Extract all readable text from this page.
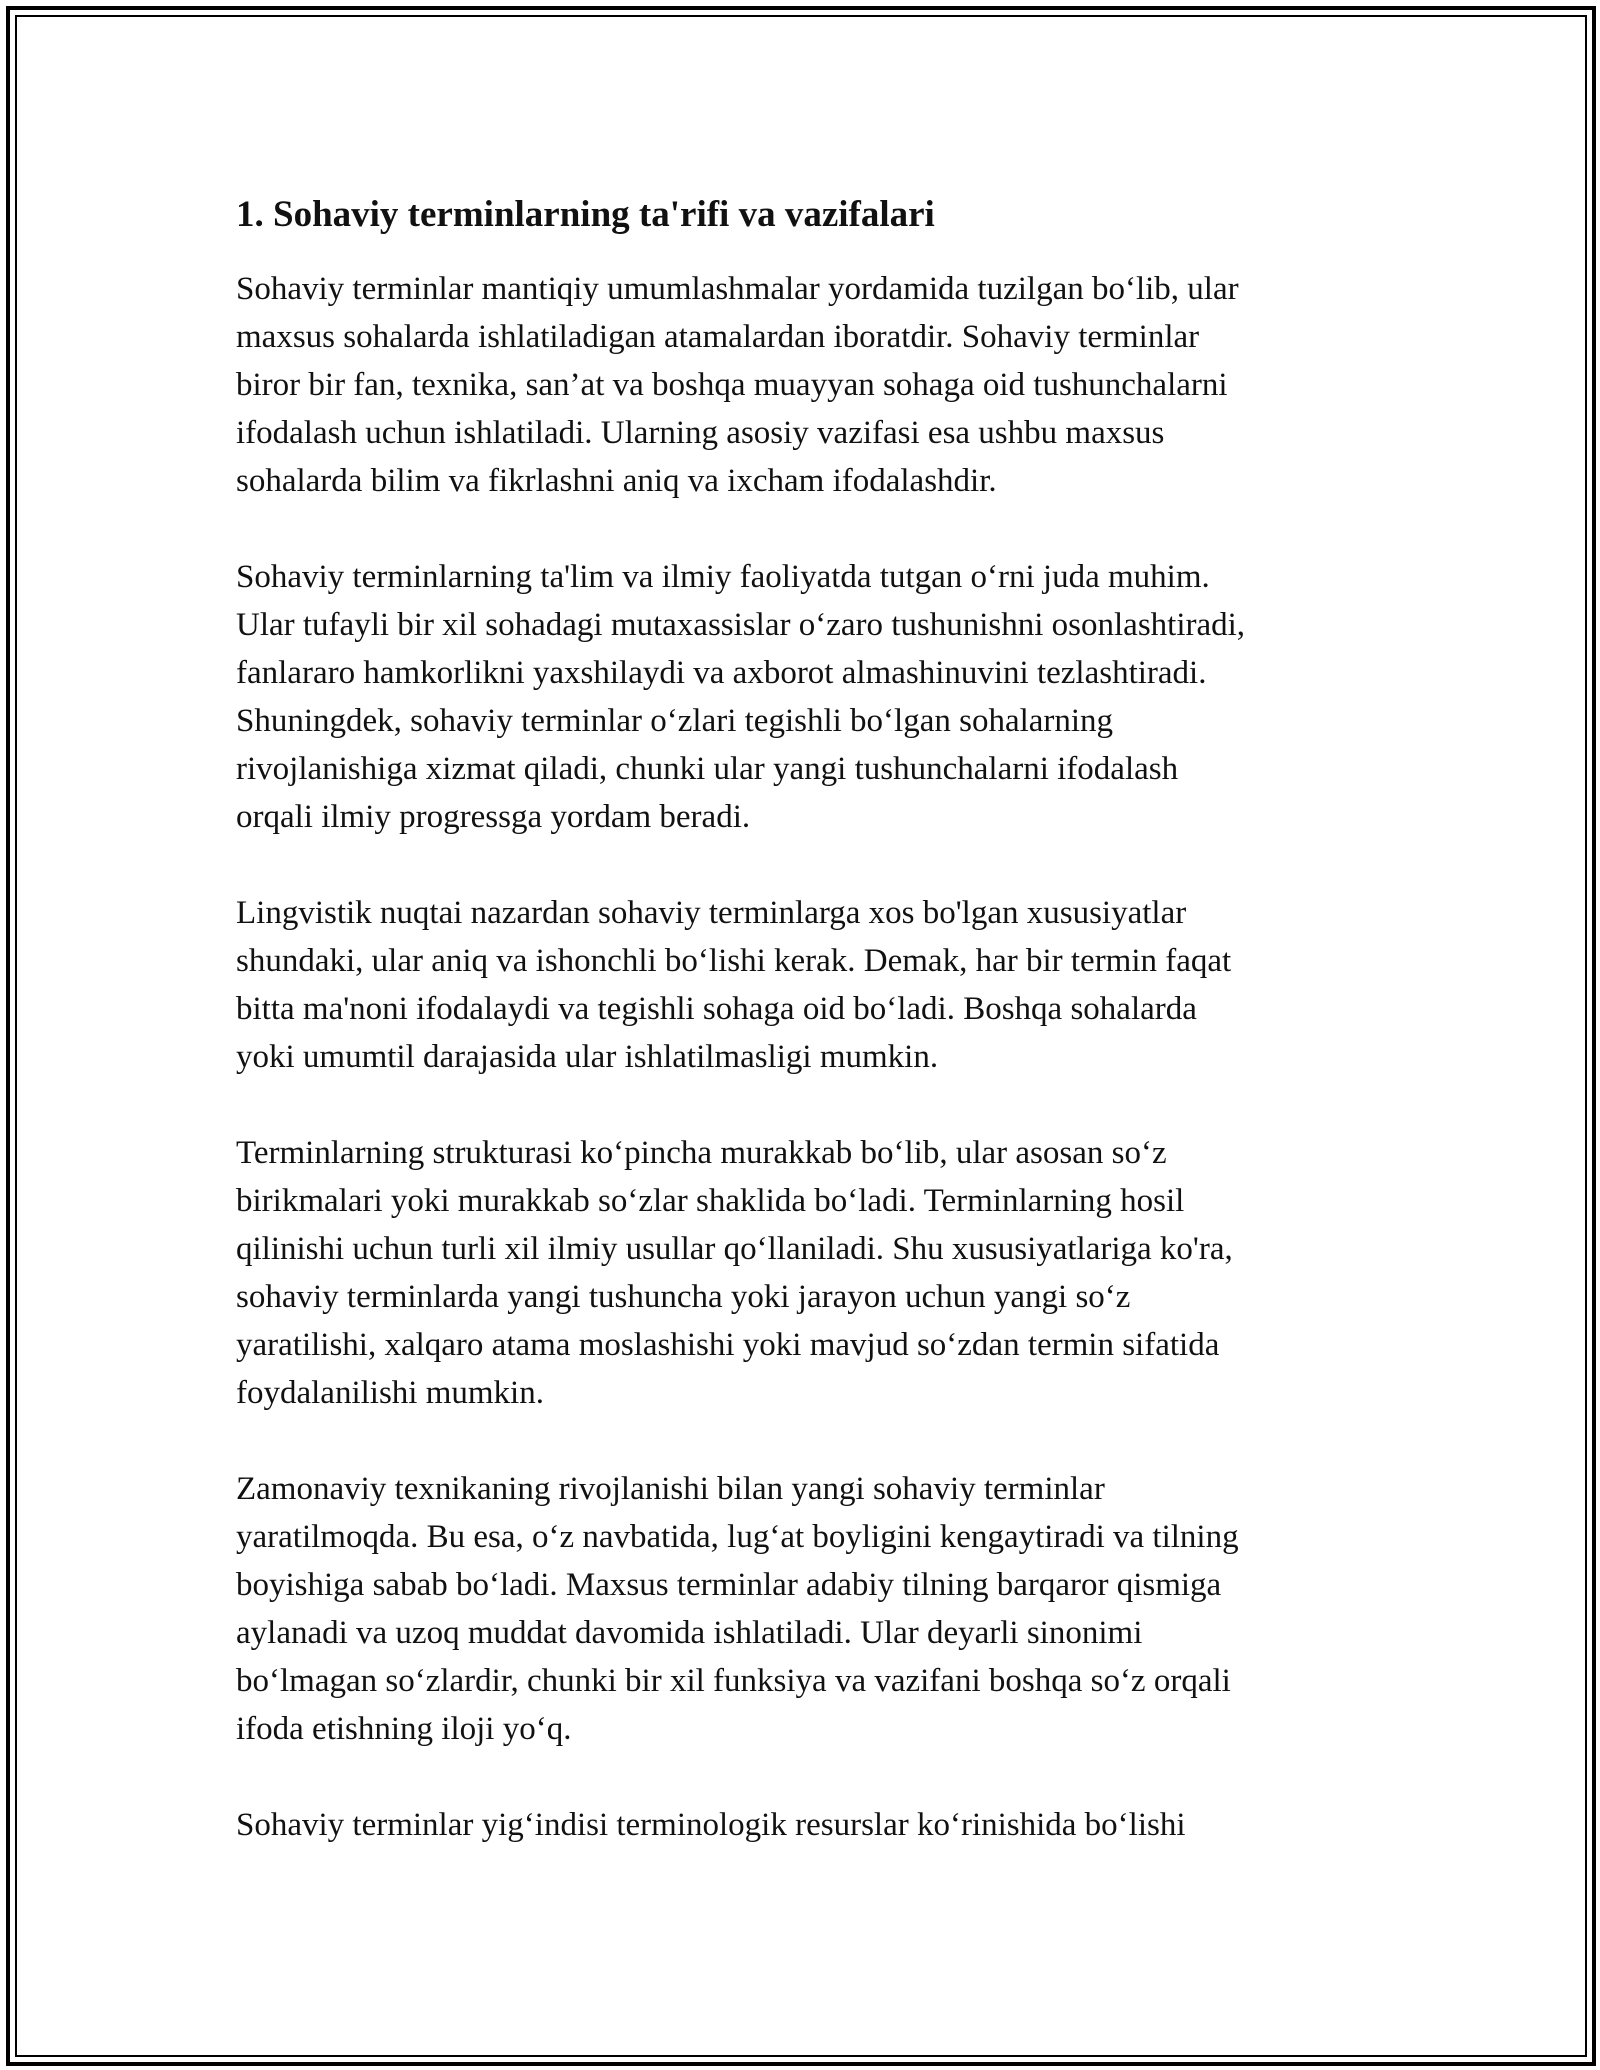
1. Sohaviy terminlarning ta'rifi va vazifalari

Sohaviy terminlar mantiqiy umumlashmalar yordamida tuzilgan bo‘lib, ular
maxsus sohalarda ishlatiladigan atamalardan iboratdir. Sohaviy terminlar
biror bir fan, texnika, san’at va boshqa muayyan sohaga oid tushunchalarni
ifodalash uchun ishlatiladi. Ularning asosiy vazifasi esa ushbu maxsus
sohalarda bilim va fikrlashni aniq va ixcham ifodalashdir.

Sohaviy terminlarning ta'lim va ilmiy faoliyatda tutgan o‘rni juda muhim.
Ular tufayli bir xil sohadagi mutaxassislar o‘zaro tushunishni osonlashtiradi,
fanlararo hamkorlikni yaxshilaydi va axborot almashinuvini tezlashtiradi.
Shuningdek, sohaviy terminlar o‘zlari tegishli bo‘lgan sohalarning
rivojlanishiga xizmat qiladi, chunki ular yangi tushunchalarni ifodalash
orqali ilmiy progressga yordam beradi.

Lingvistik nuqtai nazardan sohaviy terminlarga xos bo'lgan xususiyatlar
shundaki, ular aniq va ishonchli bo‘lishi kerak. Demak, har bir termin faqat
bitta ma'noni ifodalaydi va tegishli sohaga oid bo‘ladi. Boshqa sohalarda
yoki umumtil darajasida ular ishlatilmasligi mumkin.

Terminlarning strukturasi ko‘pincha murakkab bo‘lib, ular asosan so‘z
birikmalari yoki murakkab so‘zlar shaklida bo‘ladi. Terminlarning hosil
qilinishi uchun turli xil ilmiy usullar qo‘llaniladi. Shu xususiyatlariga ko'ra,
sohaviy terminlarda yangi tushuncha yoki jarayon uchun yangi so‘z
yaratilishi, xalqaro atama moslashishi yoki mavjud so‘zdan termin sifatida
foydalanilishi mumkin.

Zamonaviy texnikaning rivojlanishi bilan yangi sohaviy terminlar
yaratilmoqda. Bu esa, o‘z navbatida, lug‘at boyligini kengaytiradi va tilning
boyishiga sabab bo‘ladi. Maxsus terminlar adabiy tilning barqaror qismiga
aylanadi va uzoq muddat davomida ishlatiladi. Ular deyarli sinonimi
bo‘lmagan so‘zlardir, chunki bir xil funksiya va vazifani boshqa so‘z orqali
ifoda etishning iloji yo‘q.

Sohaviy terminlar yig‘indisi terminologik resurslar ko‘rinishida bo‘lishi
